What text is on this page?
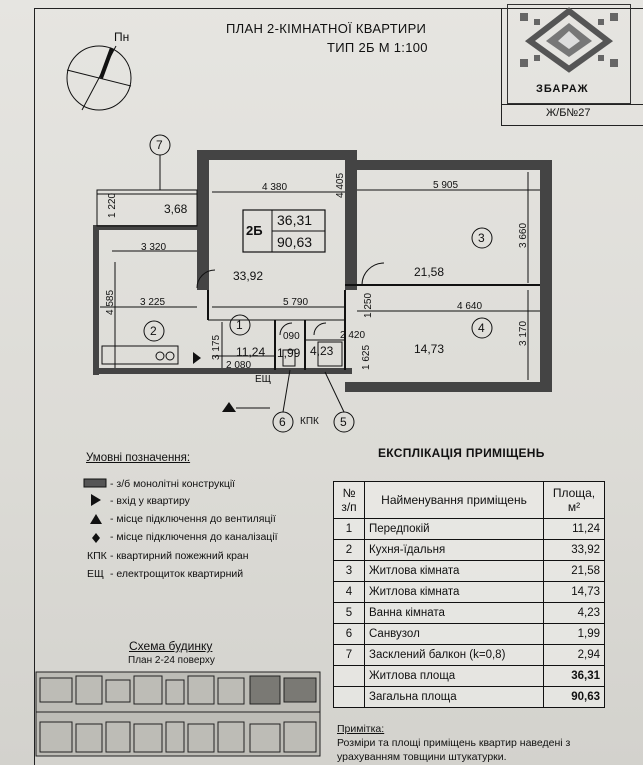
ПЛАН 2-КІМНАТНОЇ КВАРТИРИ
ТИП 2Б М 1:100
Пн
ЗБАРАЖ
Ж/Б№27
2Б
36,31
90,63
1
2
3
4
5
6
7
11,24
33,92	21,58
14,73
4,23
1,99
3,68
4 380	5 905
4 405
3 660
1 220
3 320
4 585 3 225	5 790	4 640
1 250
3 175	090	2 420	3 170
1 625
2 080
ЕЩ
КПК
Умовні позначення:
- з/б монолітні конструкції
- вхід у квартиру
- місце підключення до вентиляції
- місце підключення до каналізації
КПК - квартирний пожежний кран
ЕЩ - електрощиток квартирний
Схема будинку
План 2-24 поверху
ЕКСПЛІКАЦІЯ ПРИМІЩЕНЬ
№ з/п	Найменування приміщень	Площа, м²
1	Передпокій	11,24
2	Кухня-їдальня	33,92
3	Житлова кімната	21,58
4	Житлова кімната	14,73
5	Ванна кімната	4,23
6	Санвузол	1,99
7	Засклений балкон (k=0,8)	2,94
	Житлова площа	36,31
	Загальна площа	90,63
Примітка:
Розміри та площі приміщень квартир наведені з
урахуванням товщини штукатурки.
